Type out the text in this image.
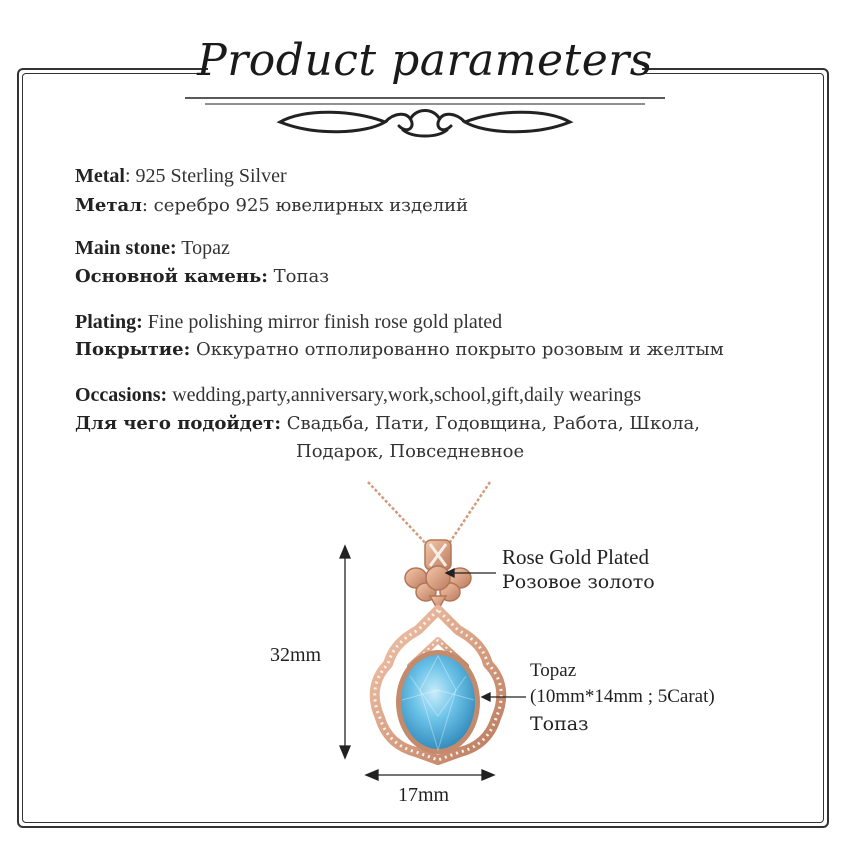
Product parameters
Metal: 925 Sterling Silver
Метал: серебро 925 ювелирных изделий
Main stone: Topaz
Основной камень: Топаз
Plating: Fine polishing mirror finish rose gold plated
Покрытие: Оккуратно отполированно покрыто розовым и желтым
Occasions: wedding,party,anniversary,work,school,gift,daily wearings
Для чего подойдет: Свадьба, Пати, Годовщина, Работа, Школа,
Подарок, Повседневное
Rose Gold Plated
Розовое золото
32mm
17mm
Topaz
(10mm*14mm ; 5Carat)
Топаз
